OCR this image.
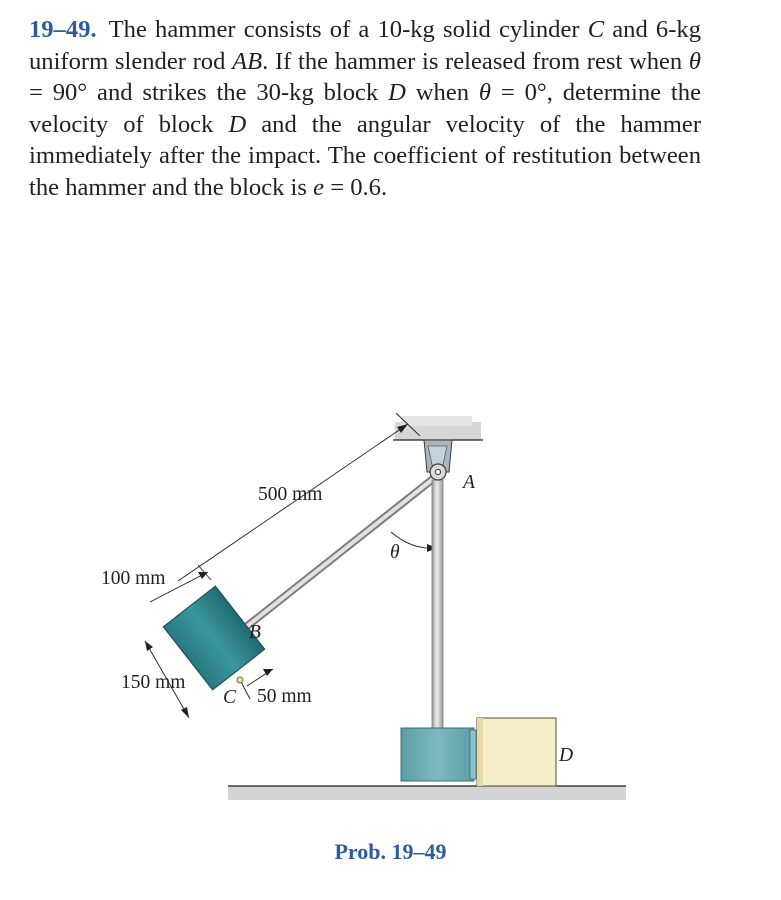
19–49. The hammer consists of a 10-kg solid cylinder C and 6-kg uniform slender rod AB. If the hammer is released from rest when θ = 90° and strikes the 30-kg block D when θ = 0°, determine the velocity of block D and the angular velocity of the hammer immediately after the impact. The coefficient of restitution between the hammer and the block is e = 0.6.

500 mm
100 mm
150 mm
50 mm
A
B
C
D
θ

Prob. 19–49
